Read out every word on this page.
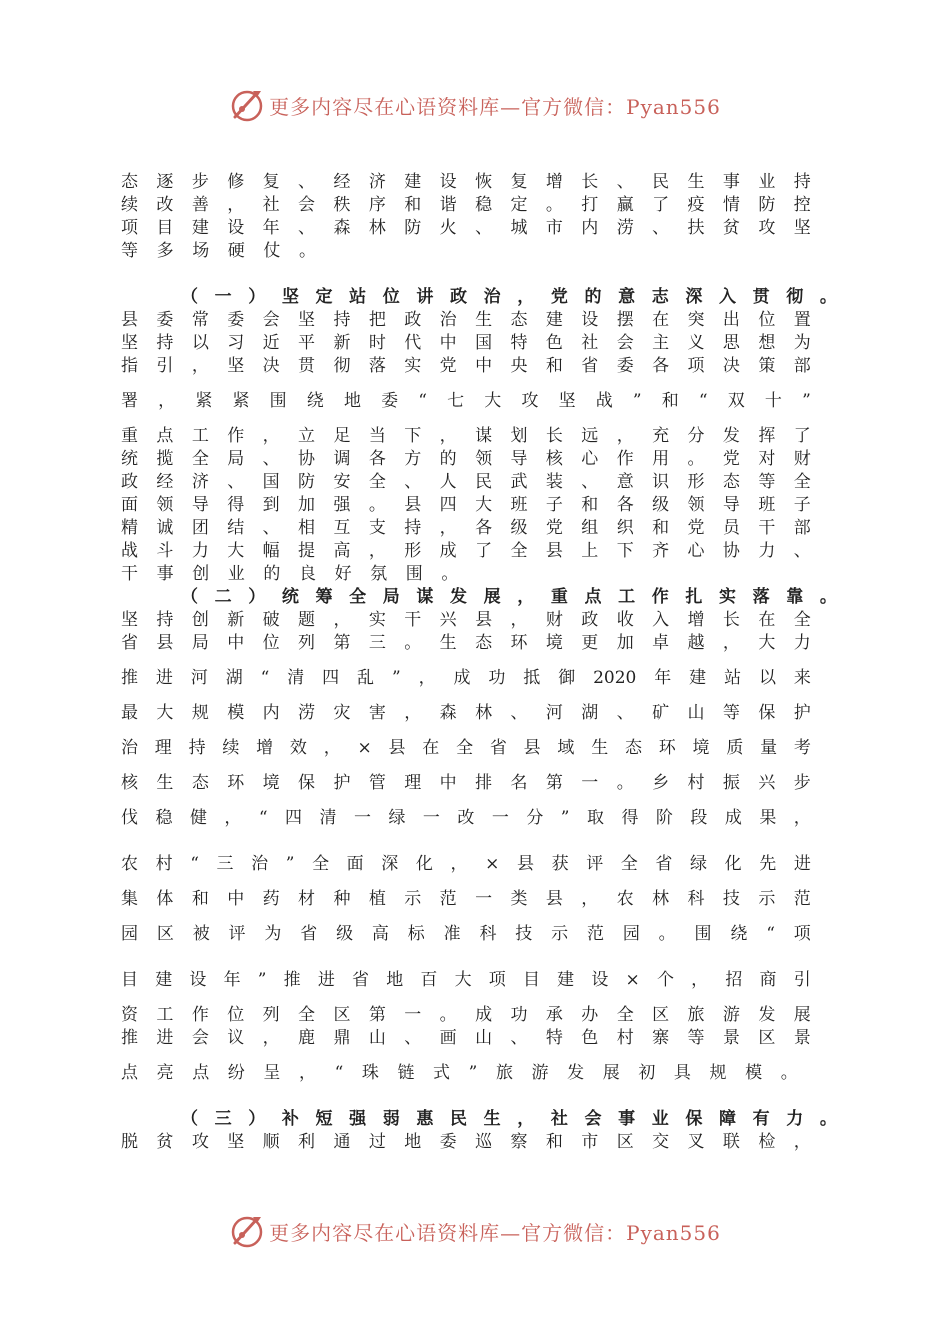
更多内容尽在心语资料库—官方微信：Pyan556
态 逐 步 修 复 、 经 济 建 设 恢 复 增 长 、 民 生 事 业 持
续 改 善 ， 社 会 秩 序 和 谐 稳 定 。 打 赢 了 疫 情 防 控
项 目 建 设 年 、 森 林 防 火 、 城 市 内 涝 、 扶 贫 攻 坚
等 多 场 硬 仗 。
（ 一 ） 坚 定 站 位 讲 政 治 ， 党 的 意 志 深 入 贯 彻 。
县 委 常 委 会 坚 持 把 政 治 生 态 建 设 摆 在 突 出 位 置
坚 持 以 习 近 平 新 时 代 中 国 特 色 社 会 主 义 思 想 为
指 引 ， 坚 决 贯 彻 落 实 党 中 央 和 省 委 各 项 决 策 部
署 ， 紧 紧 围 绕 地 委 “ 七 大 攻 坚 战 ” 和 “ 双 十 ”
重 点 工 作 ， 立 足 当 下 ， 谋 划 长 远 ， 充 分 发 挥 了
统 揽 全 局 、 协 调 各 方 的 领 导 核 心 作 用 。 党 对 财
政 经 济 、 国 防 安 全 、 人 民 武 装 、 意 识 形 态 等 全
面 领 导 得 到 加 强 。 县 四 大 班 子 和 各 级 领 导 班 子
精 诚 团 结 、 相 互 支 持 ， 各 级 党 组 织 和 党 员 干 部
战 斗 力 大 幅 提 高 ， 形 成 了 全 县 上 下 齐 心 协 力 、
干 事 创 业 的 良 好 氛 围 。
（ 二 ） 统 筹 全 局 谋 发 展 ， 重 点 工 作 扎 实 落 靠 。
坚 持 创 新 破 题 ， 实 干 兴 县 ， 财 政 收 入 增 长 在 全
省 县 局 中 位 列 第 三 。 生 态 环 境 更 加 卓 越 ， 大 力
推 进 河 湖 “ 清 四 乱 ” ， 成 功 抵 御 2020 年 建 站 以 来
最 大 规 模 内 涝 灾 害 ， 森 林 、 河 湖 、 矿 山 等 保 护
治 理 持 续 增 效 ， × 县 在 全 省 县 域 生 态 环 境 质 量 考
核 生 态 环 境 保 护 管 理 中 排 名 第 一 。 乡 村 振 兴 步
伐 稳 健 ， “ 四 清 一 绿 一 改 一 分 ” 取 得 阶 段 成 果 ，
农 村 “ 三 治 ” 全 面 深 化 ， × 县 获 评 全 省 绿 化 先 进
集 体 和 中 药 材 种 植 示 范 一 类 县 ， 农 林 科 技 示 范
园 区 被 评 为 省 级 高 标 准 科 技 示 范 园 。 围 绕 “ 项
目 建 设 年 ” 推 进 省 地 百 大 项 目 建 设 × 个 ， 招 商 引
资 工 作 位 列 全 区 第 一 。 成 功 承 办 全 区 旅 游 发 展
推 进 会 议 ， 鹿 鼎 山 、 画 山 、 特 色 村 寨 等 景 区 景
点 亮 点 纷 呈 ， “ 珠 链 式 ” 旅 游 发 展 初 具 规 模 。
（ 三 ） 补 短 强 弱 惠 民 生 ， 社 会 事 业 保 障 有 力 。
脱 贫 攻 坚 顺 利 通 过 地 委 巡 察 和 市 区 交 叉 联 检 ，
更多内容尽在心语资料库—官方微信：Pyan556
